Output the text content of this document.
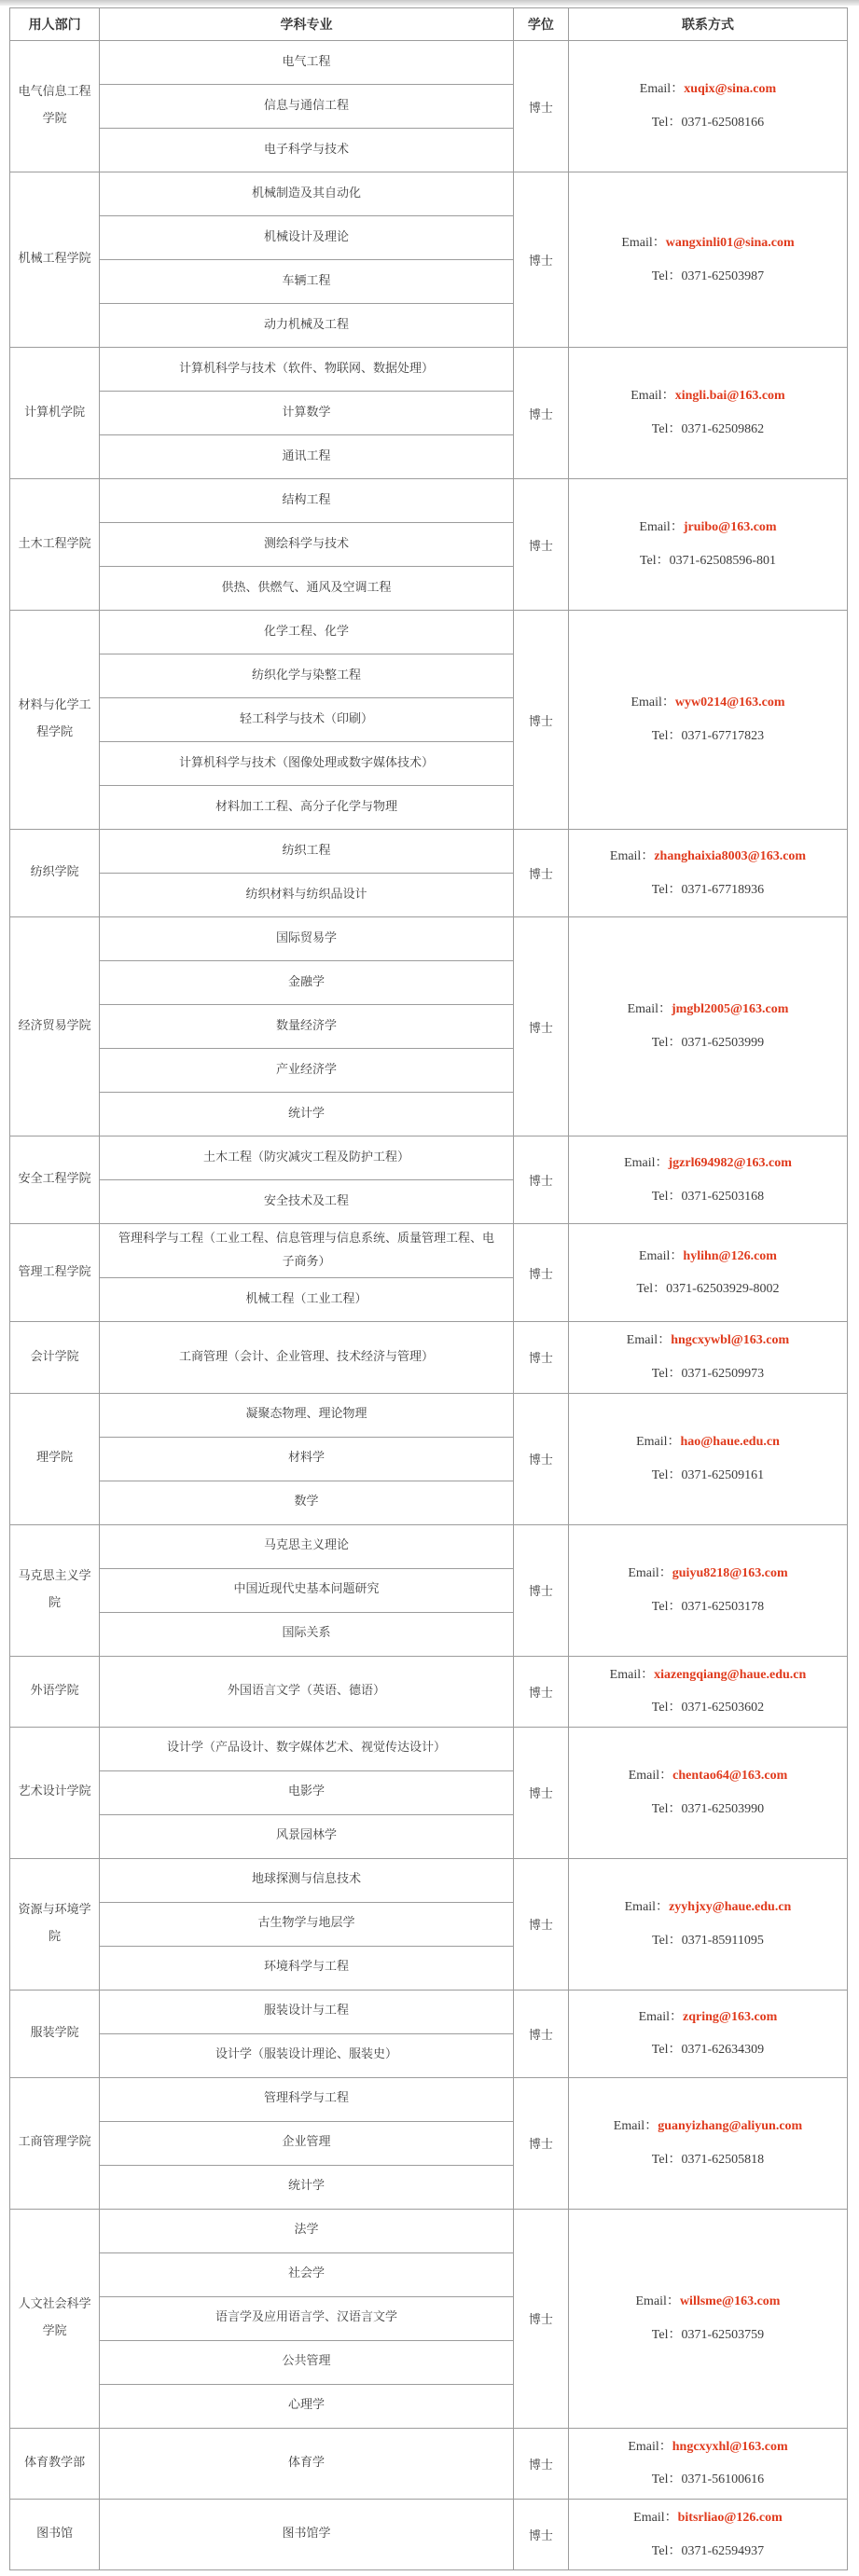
用人部门	学科专业	学位	联系方式
电气信息工程学院	电气工程	博士	Email：xuqix@sina.com
Tel：0371-62508166

	信息与通信工程		
	电子科学与技术		
机械工程学院	机械制造及其自动化	博士	Email：wangxinli01@sina.com
Tel：0371-62503987

	机械设计及理论		
	车辆工程		
	动力机械及工程		
计算机学院	计算机科学与技术（软件、物联网、数据处理）	博士	Email：xingli.bai@163.com
Tel：0371-62509862

	计算数学		
	通讯工程		
土木工程学院	结构工程	博士	Email：jruibo@163.com
Tel：0371-62508596-801

	测绘科学与技术		
	供热、供燃气、通风及空调工程		
材料与化学工程学院	化学工程、化学	博士	Email：wyw0214@163.com
Tel：0371-67717823

	纺织化学与染整工程		
	轻工科学与技术（印刷）		
	计算机科学与技术（图像处理或数字媒体技术）		
	材料加工工程、高分子化学与物理		
纺织学院	纺织工程	博士	Email：zhanghaixia8003@163.com
Tel：0371-67718936

	纺织材料与纺织品设计		
经济贸易学院	国际贸易学	博士	Email：jmgbl2005@163.com
Tel：0371-62503999

	金融学		
	数量经济学		
	产业经济学		
	统计学		
安全工程学院	土木工程（防灾减灾工程及防护工程）	博士	Email：jgzrl694982@163.com
Tel：0371-62503168

	安全技术及工程		
管理工程学院	管理科学与工程（工业工程、信息管理与信息系统、质量管理工程、电子商务）	博士	Email：hylihn@126.com
Tel：0371-62503929-8002

	机械工程（工业工程）		
会计学院	工商管理（会计、企业管理、技术经济与管理）	博士	Email：hngcxywbl@163.com
Tel：0371-62509973

理学院	凝聚态物理、理论物理	博士	Email：hao@haue.edu.cn
Tel：0371-62509161

	材料学		
	数学		
马克思主义学院	马克思主义理论	博士	Email：guiyu8218@163.com
Tel：0371-62503178

	中国近现代史基本问题研究		
	国际关系		
外语学院	外国语言文学（英语、德语）	博士	Email：xiazengqiang@haue.edu.cn
Tel：0371-62503602

艺术设计学院	设计学（产品设计、数字媒体艺术、视觉传达设计）	博士	Email：chentao64@163.com
Tel：0371-62503990

	电影学		
	风景园林学		
资源与环境学院	地球探测与信息技术	博士	Email：zyyhjxy@haue.edu.cn
Tel：0371-85911095

	古生物学与地层学		
	环境科学与工程		
服装学院	服装设计与工程	博士	Email：zqring@163.com
Tel：0371-62634309

	设计学（服装设计理论、服装史）		
工商管理学院	管理科学与工程	博士	Email：guanyizhang@aliyun.com
Tel：0371-62505818

	企业管理		
	统计学		
人文社会科学学院	法学	博士	Email：willsme@163.com
Tel：0371-62503759

	社会学		
	语言学及应用语言学、汉语言文学		
	公共管理		
	心理学		
体育教学部	体育学	博士	Email：hngcxyxhl@163.com
Tel：0371-56100616

图书馆	图书馆学	博士	Email：bitsrliao@126.com
Tel：0371-62594937
